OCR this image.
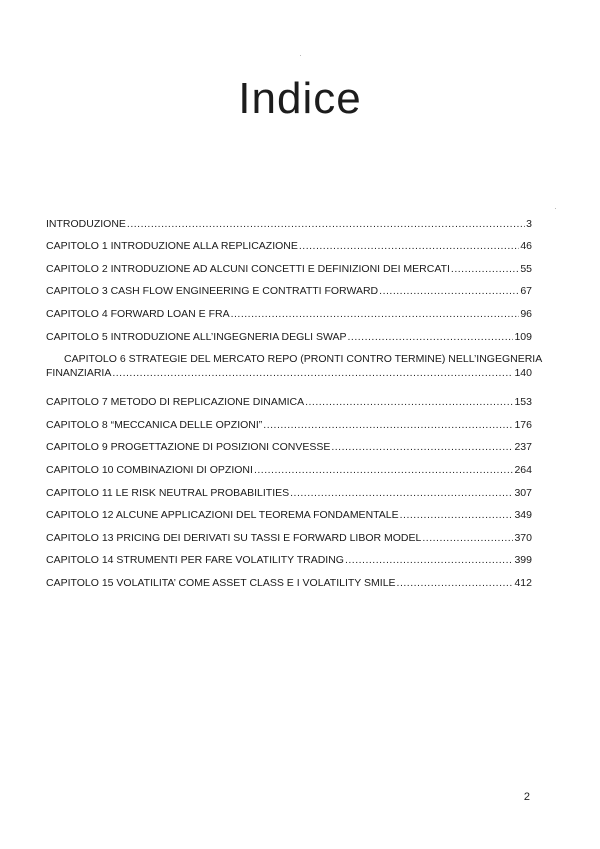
Indice
INTRODUZIONE .....	3
CAPITOLO 1 INTRODUZIONE ALLA REPLICAZIONE .....	46
CAPITOLO 2 INTRODUZIONE AD ALCUNI CONCETTI E DEFINIZIONI DEI MERCATI .....	55
CAPITOLO 3 CASH FLOW ENGINEERING E CONTRATTI FORWARD .....	67
CAPITOLO 4 FORWARD LOAN E FRA .....	96
CAPITOLO 5 INTRODUZIONE ALL’INGEGNERIA DEGLI SWAP .....	109
CAPITOLO 6 STRATEGIE DEL MERCATO REPO (PRONTI CONTRO TERMINE) NELL’INGEGNERIA
FINANZIARIA .....	140
CAPITOLO 7 METODO DI REPLICAZIONE DINAMICA .....	153
CAPITOLO 8 “MECCANICA DELLE OPZIONI” .....	176
CAPITOLO 9 PROGETTAZIONE DI POSIZIONI CONVESSE .....	237
CAPITOLO 10 COMBINAZIONI DI OPZIONI .....	264
CAPITOLO 11 LE RISK NEUTRAL PROBABILITIES .....	307
CAPITOLO 12 ALCUNE APPLICAZIONI DEL TEOREMA FONDAMENTALE .....	349
CAPITOLO 13 PRICING DEI DERIVATI SU TASSI E FORWARD LIBOR MODEL .....	370
CAPITOLO 14 STRUMENTI PER FARE VOLATILITY TRADING .....	399
CAPITOLO 15 VOLATILITA’ COME ASSET CLASS E I VOLATILITY SMILE .....	412
2
